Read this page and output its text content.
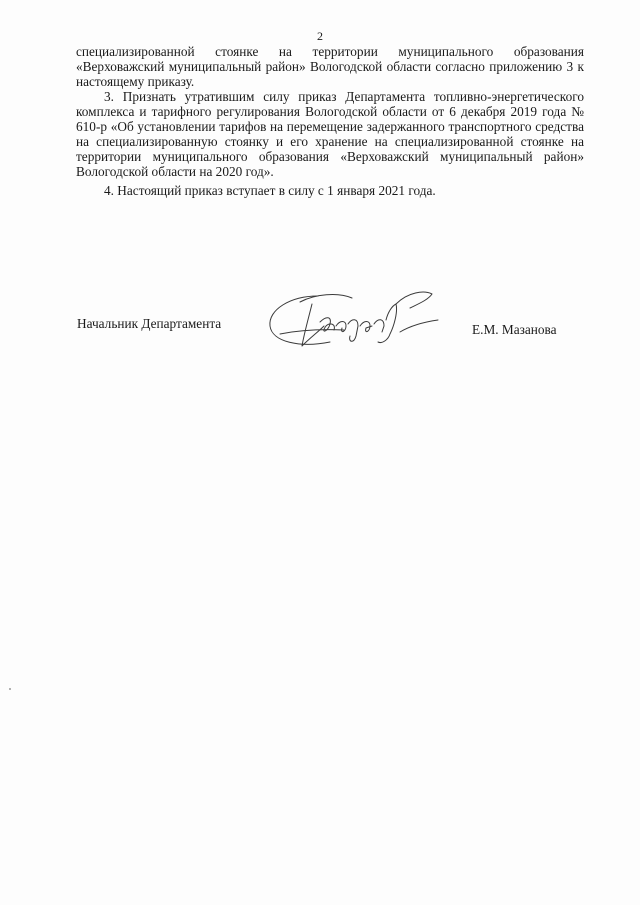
2

специализированной стоянке на территории муниципального образования «Верховажский муниципальный район» Вологодской области согласно приложению 3 к настоящему приказу.

3. Признать утратившим силу приказ Департамента топливно-энергетического комплекса и тарифного регулирования Вологодской области от 6 декабря 2019 года № 610-р «Об установлении тарифов на перемещение задержанного транспортного средства на специализированную стоянку и его хранение на специализированной стоянке на территории муниципального образования «Верховажский муниципальный район» Вологодской области на 2020 год».

4. Настоящий приказ вступает в силу с 1 января 2021 года.

Начальник Департамента	Е.М. Мазанова
